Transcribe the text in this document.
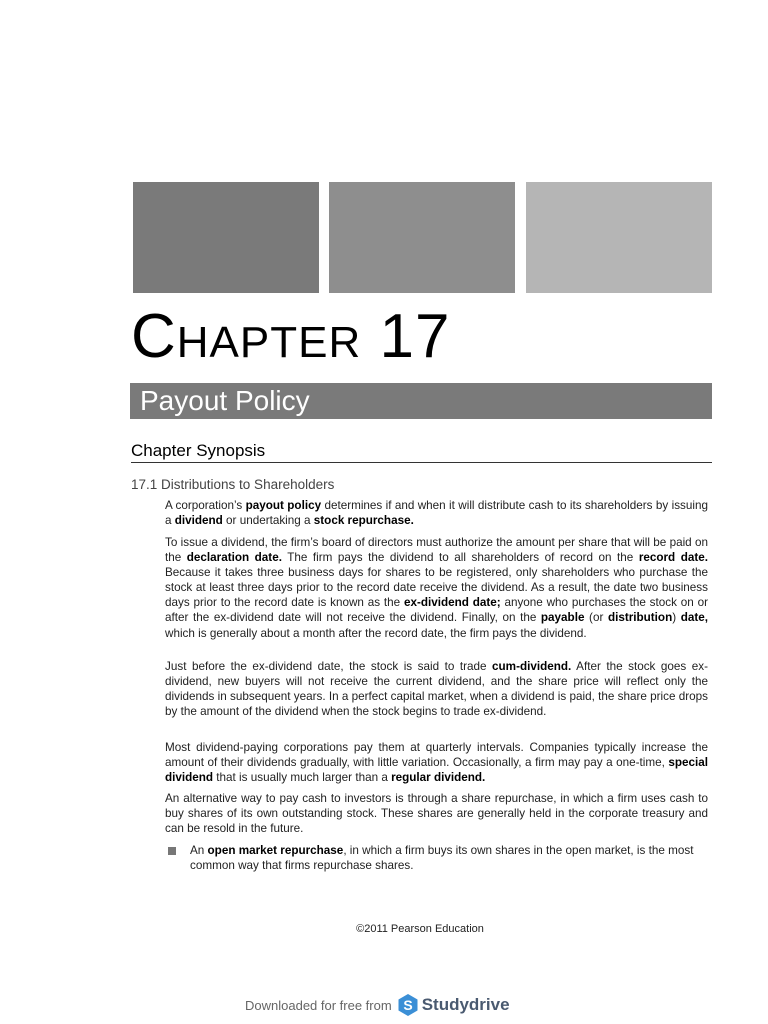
CHAPTER 17
Payout Policy
Chapter Synopsis
17.1 Distributions to Shareholders

A corporation’s payout policy determines if and when it will distribute cash to its shareholders by issuing a dividend or undertaking a stock repurchase.

To issue a dividend, the firm’s board of directors must authorize the amount per share that will be paid on the declaration date. The firm pays the dividend to all shareholders of record on the record date. Because it takes three business days for shares to be registered, only shareholders who purchase the stock at least three days prior to the record date receive the dividend. As a result, the date two business days prior to the record date is known as the ex-dividend date; anyone who purchases the stock on or after the ex-dividend date will not receive the dividend. Finally, on the payable (or distribution) date, which is generally about a month after the record date, the firm pays the dividend.

Just before the ex-dividend date, the stock is said to trade cum-dividend. After the stock goes ex-dividend, new buyers will not receive the current dividend, and the share price will reflect only the dividends in subsequent years. In a perfect capital market, when a dividend is paid, the share price drops by the amount of the dividend when the stock begins to trade ex-dividend.

Most dividend-paying corporations pay them at quarterly intervals. Companies typically increase the amount of their dividends gradually, with little variation. Occasionally, a firm may pay a one-time, special dividend that is usually much larger than a regular dividend.

An alternative way to pay cash to investors is through a share repurchase, in which a firm uses cash to buy shares of its own outstanding stock. These shares are generally held in the corporate treasury and can be resold in the future.

An open market repurchase, in which a firm buys its own shares in the open market, is the most common way that firms repurchase shares.

©2011 Pearson Education
Downloaded for free from S Studydrive
